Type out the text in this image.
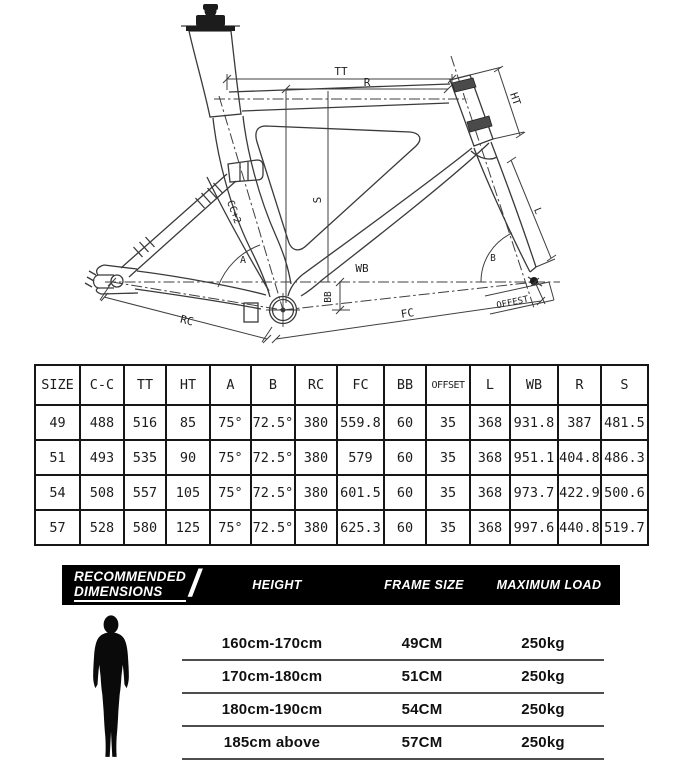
TT
R
HT
L
S
WB
BB
RC	FC
OFFEST
CC+2
A	B
SIZE	C-C	TT	HT	A	B	RC	FC	BB	OFFSET	L	WB	R	S
49	488	516	85	75°	72.5°	380	559.8	60	35	368	931.8	387	481.5
51	493	535	90	75°	72.5°	380	579	60	35	368	951.1	404.8	486.3
54	508	557	105	75°	72.5°	380	601.5	60	35	368	973.7	422.9	500.6
57	528	580	125	75°	72.5°	380	625.3	60	35	368	997.6	440.8	519.7
RECOMMENDED
DIMENSIONS /	HEIGHT	FRAME SIZE	MAXIMUM LOAD
160cm-170cm	49CM	250kg
170cm-180cm	51CM	250kg
180cm-190cm	54CM	250kg
185cm above	57CM	250kg
